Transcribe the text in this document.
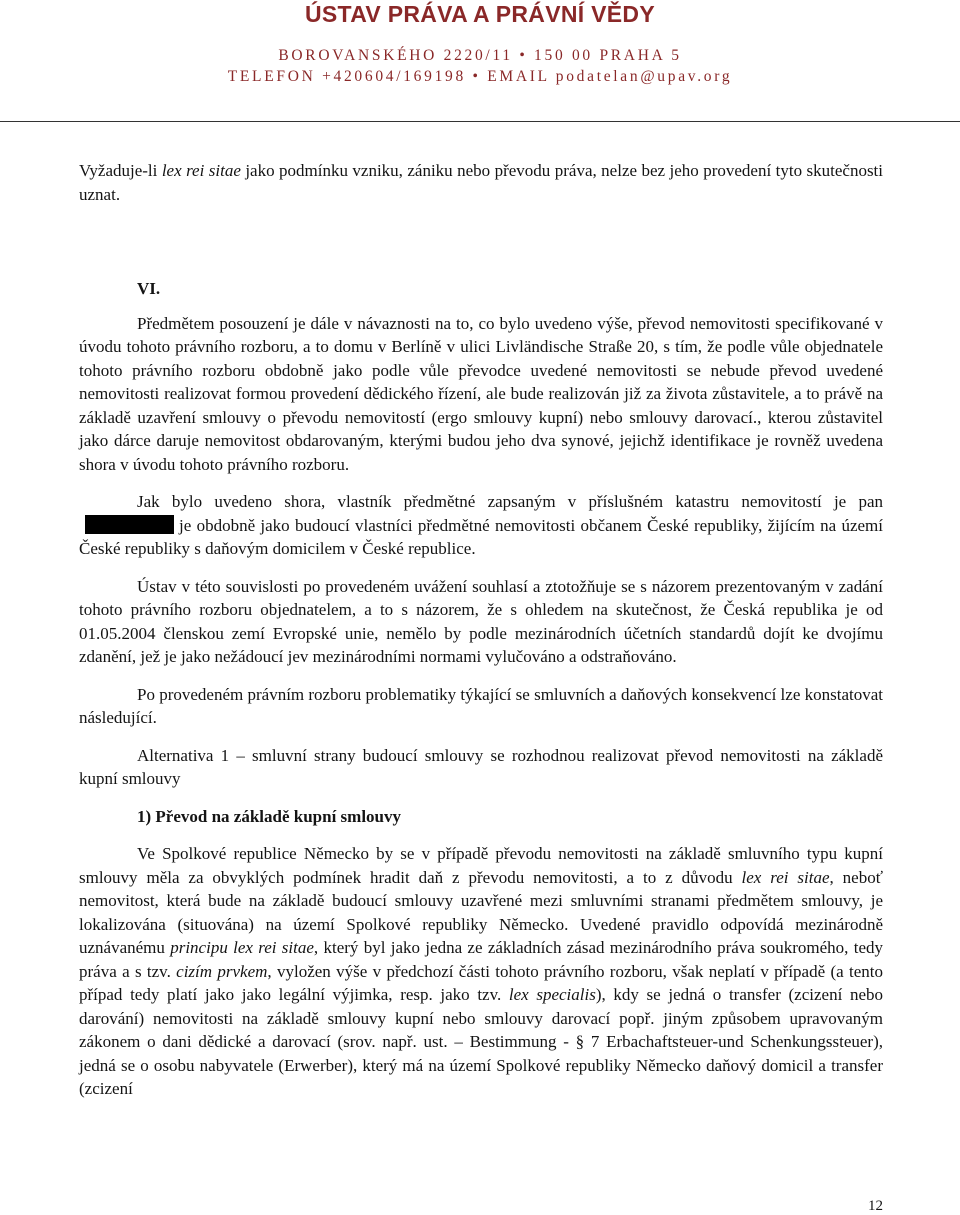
ÚSTAV PRÁVA A PRÁVNÍ VĚDY
BOROVANSKÉHO 2220/11 • 150 00 PRAHA 5
TELEFON +420604/169198 • EMAIL podatelan@upav.org

Vyžaduje-li lex rei sitae jako podmínku vzniku, zániku nebo převodu práva, nelze bez jeho provedení tyto skutečnosti uznat.

VI.

Předmětem posouzení je dále v návaznosti na to, co bylo uvedeno výše, převod nemovitosti specifikované v úvodu tohoto právního rozboru, a to domu v Berlíně v ulici Livländische Straße 20, s tím, že podle vůle objednatele tohoto právního rozboru obdobně jako podle vůle převodce uvedené nemovitosti se nebude převod uvedené nemovitosti realizovat formou provedení dědického řízení, ale bude realizován již za života zůstavitele, a to právě na základě uzavření smlouvy o převodu nemovitostí (ergo smlouvy kupní) nebo smlouvy darovací., kterou zůstavitel jako dárce daruje nemovitost obdarovaným, kterými budou jeho dva synové, jejichž identifikace je rovněž uvedena shora v úvodu tohoto právního rozboru.

Jak bylo uvedeno shora, vlastník předmětné zapsaným v příslušném katastru nemovitostí je panje obdobně jako budoucí vlastníci předmětné nemovitosti občanem České republiky, žijícím na území České republiky s daňovým domicilem v České republice.

Ústav v této souvislosti po provedeném uvážení souhlasí a ztotožňuje se s názorem prezentovaným v zadání tohoto právního rozboru objednatelem, a to s názorem, že s ohledem na skutečnost, že Česká republika je od 01.05.2004 členskou zemí Evropské unie, nemělo by podle mezinárodních účetních standardů dojít ke dvojímu zdanění, jež je jako nežádoucí jev mezinárodními normami vylučováno a odstraňováno.

Po provedeném právním rozboru problematiky týkající se smluvních a daňových konsekvencí lze konstatovat následující.

Alternativa 1 – smluvní strany budoucí smlouvy se rozhodnou realizovat převod nemovitosti na základě kupní smlouvy

1) Převod na základě kupní smlouvy

Ve Spolkové republice Německo by se v případě převodu nemovitosti na základě smluvního typu kupní smlouvy měla za obvyklých podmínek hradit daň z převodu nemovitosti, a to z důvodu lex rei sitae, neboť nemovitost, která bude na základě budoucí smlouvy uzavřené mezi smluvními stranami předmětem smlouvy, je lokalizována (situována) na území Spolkové republiky Německo. Uvedené pravidlo odpovídá mezinárodně uznávanému principu lex rei sitae, který byl jako jedna ze základních zásad mezinárodního práva soukromého, tedy práva a s tzv. cizím prvkem, vyložen výše v předchozí části tohoto právního rozboru, však neplatí v případě (a tento případ tedy platí jako jako legální výjimka, resp. jako tzv. lex specialis), kdy se jedná o transfer (zcizení nebo darování) nemovitosti na základě smlouvy kupní nebo smlouvy darovací popř. jiným způsobem upravovaným zákonem o dani dědické a darovací (srov. např. ust. – Bestimmung - § 7 Erbachaftsteuer-und Schenkungssteuer), jedná se o osobu nabyvatele (Erwerber), který má na území Spolkové republiky Německo daňový domicil a transfer (zcizení

12
